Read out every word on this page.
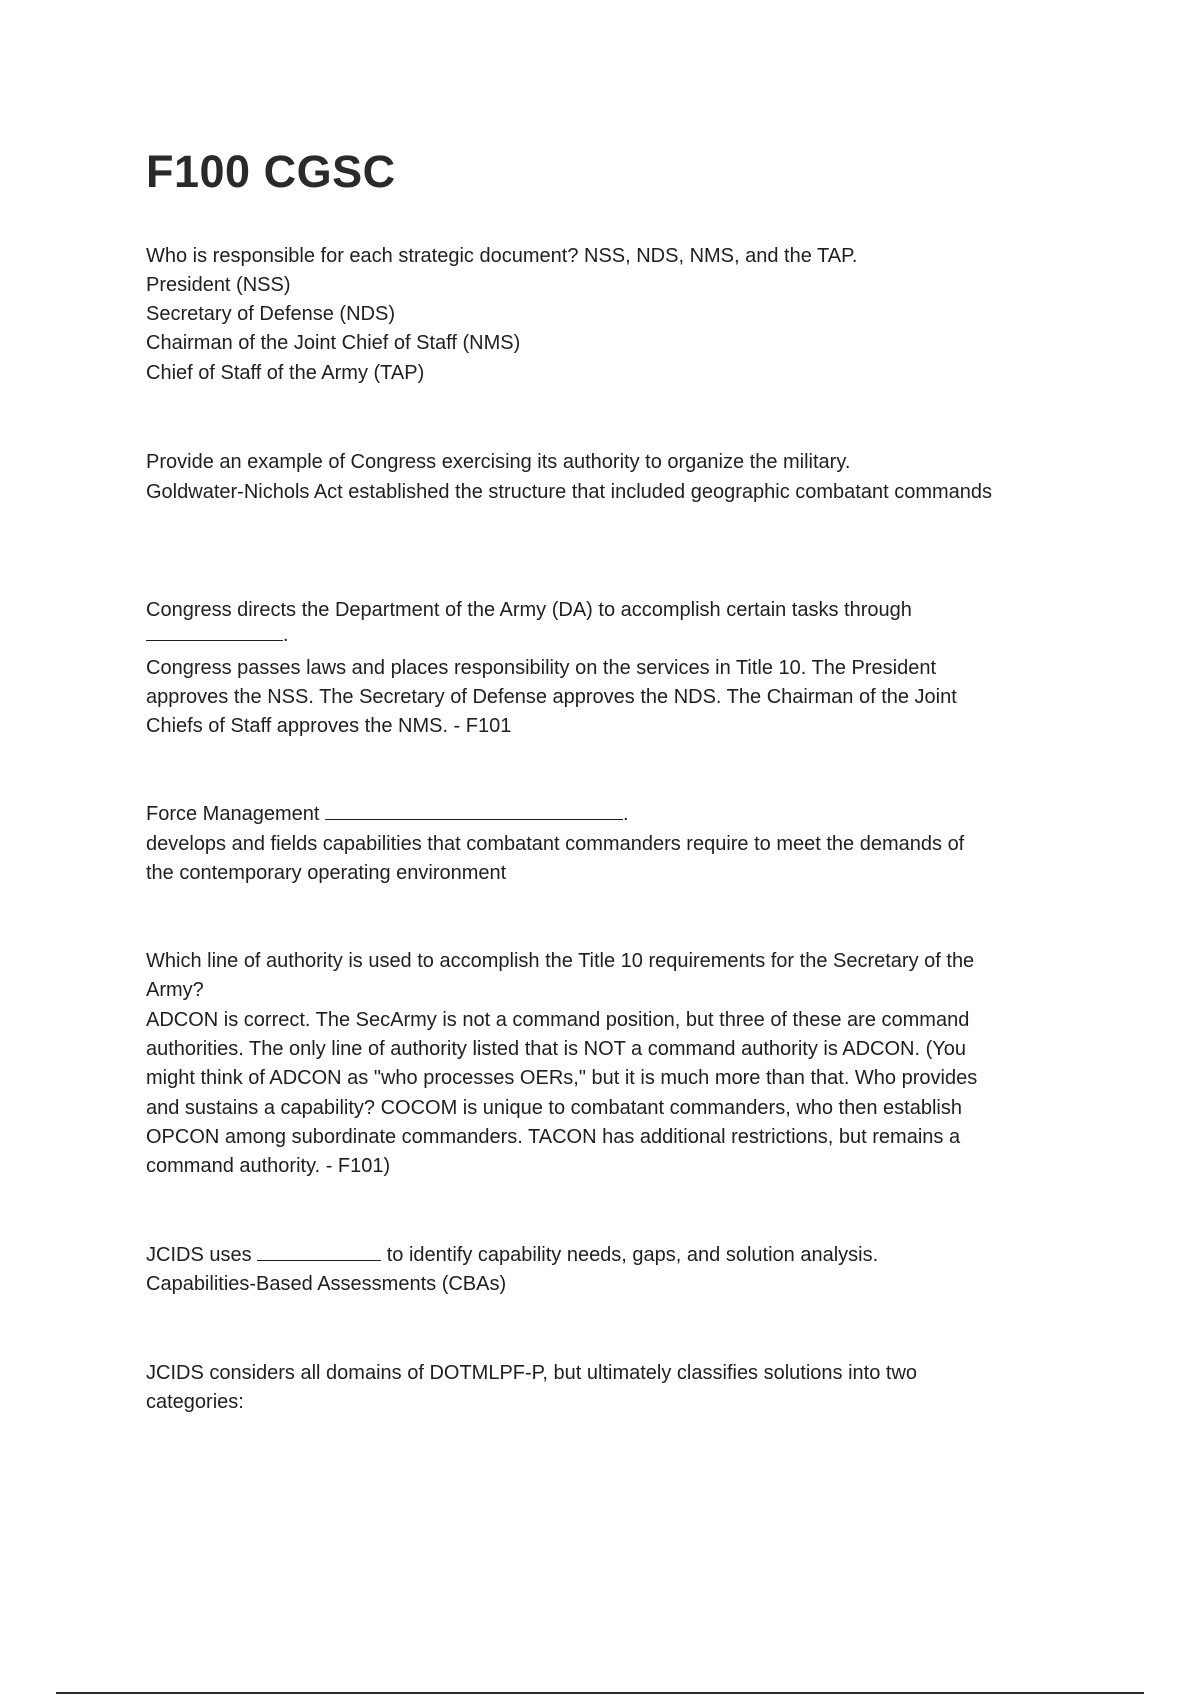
F100 CGSC
Who is responsible for each strategic document? NSS, NDS, NMS, and the TAP.
President (NSS)
Secretary of Defense (NDS)
Chairman of the Joint Chief of Staff (NMS)
Chief of Staff of the Army (TAP)
Provide an example of Congress exercising its authority to organize the military.
Goldwater-Nichols Act established the structure that included geographic combatant commands
Congress directs the Department of the Army (DA) to accomplish certain tasks through
.
Congress passes laws and places responsibility on the services in Title 10. The President
approves the NSS. The Secretary of Defense approves the NDS. The Chairman of the Joint
Chiefs of Staff approves the NMS. - F101
Force Management	.
develops and fields capabilities that combatant commanders require to meet the demands of
the contemporary operating environment
Which line of authority is used to accomplish the Title 10 requirements for the Secretary of the
Army?
ADCON is correct. The SecArmy is not a command position, but three of these are command
authorities. The only line of authority listed that is NOT a command authority is ADCON. (You
might think of ADCON as "who processes OERs," but it is much more than that. Who provides
and sustains a capability? COCOM is unique to combatant commanders, who then establish
OPCON among subordinate commanders. TACON has additional restrictions, but remains a
command authority. - F101)
JCIDS uses	to identify capability needs, gaps, and solution analysis.
Capabilities-Based Assessments (CBAs)
JCIDS considers all domains of DOTMLPF-P, but ultimately classifies solutions into two
categories:
